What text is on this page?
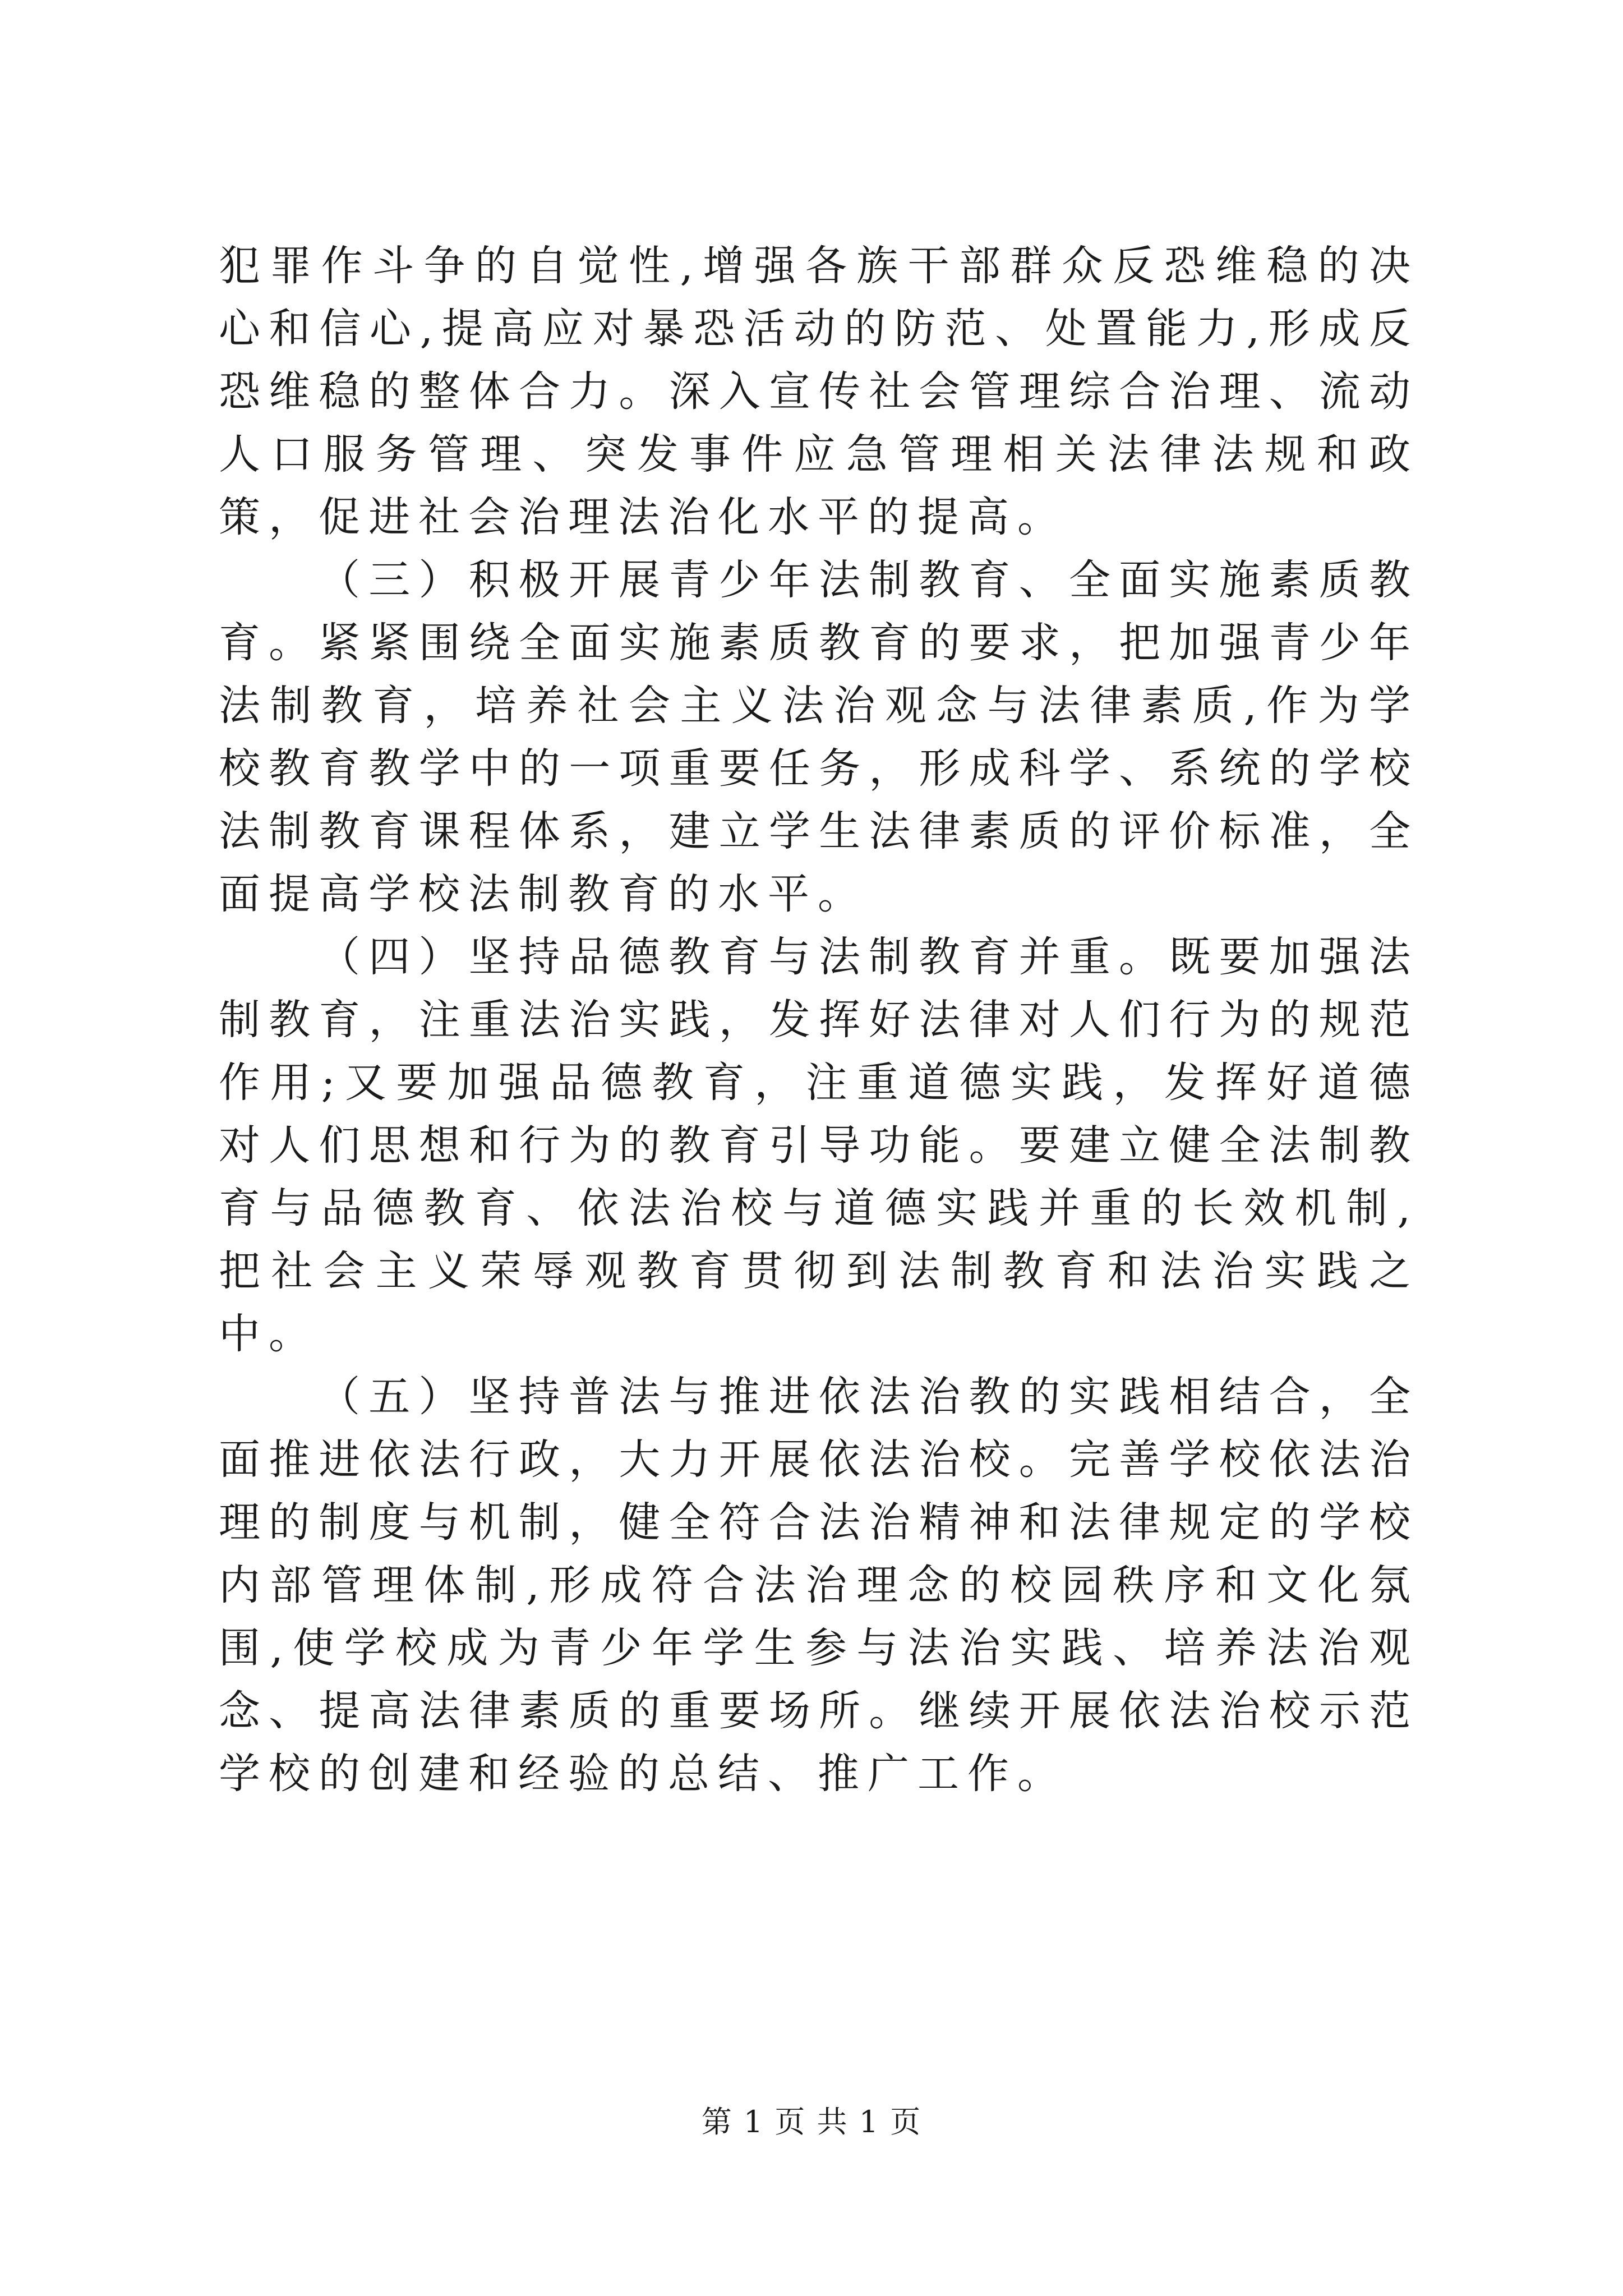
犯罪作斗争的自觉性,增强各族干部群众反恐维稳的决心和信心,提高应对暴恐活动的防范、处置能力,形成反恐维稳的整体合力。深入宣传社会管理综合治理、流动人口服务管理、突发事件应急管理相关法律法规和政策，促进社会治理法治化水平的提高。

（三）积极开展青少年法制教育、全面实施素质教育。紧紧围绕全面实施素质教育的要求，把加强青少年法制教育，培养社会主义法治观念与法律素质,作为学校教育教学中的一项重要任务，形成科学、系统的学校法制教育课程体系，建立学生法律素质的评价标准，全面提高学校法制教育的水平。

（四）坚持品德教育与法制教育并重。既要加强法制教育，注重法治实践，发挥好法律对人们行为的规范作用;又要加强品德教育，注重道德实践，发挥好道德对人们思想和行为的教育引导功能。要建立健全法制教育与品德教育、依法治校与道德实践并重的长效机制,把社会主义荣辱观教育贯彻到法制教育和法治实践之中。

（五）坚持普法与推进依法治教的实践相结合，全面推进依法行政，大力开展依法治校。完善学校依法治理的制度与机制，健全符合法治精神和法律规定的学校内部管理体制,形成符合法治理念的校园秩序和文化氛围,使学校成为青少年学生参与法治实践、培养法治观念、提高法律素质的重要场所。继续开展依法治校示范学校的创建和经验的总结、推广工作。

第 1 页 共 1 页
